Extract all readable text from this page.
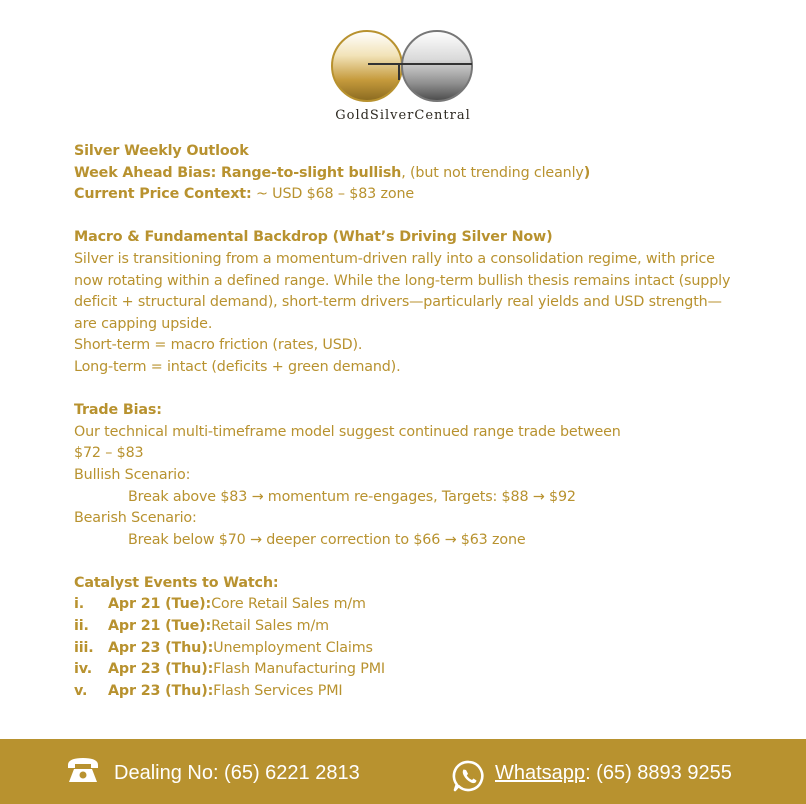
GoldSilverCentral
Silver Weekly Outlook
Week Ahead Bias: Range-to-slight bullish, (but not trending cleanly)
Current Price Context: ~ USD $68 – $83 zone
Macro & Fundamental Backdrop (What’s Driving Silver Now)
Silver is transitioning from a momentum-driven rally into a consolidation regime, with price now rotating within a defined range. While the long-term bullish thesis remains intact (supply deficit + structural demand), short-term drivers—particularly real yields and USD strength—are capping upside.
Short-term = macro friction (rates, USD).
Long-term = intact (deficits + green demand).
Trade Bias:
Our technical multi-timeframe model suggest continued range trade between
$72 – $83
Bullish Scenario:
Break above $83 → momentum re-engages, Targets: $88 → $92
Bearish Scenario:
Break below $70 → deeper correction to $66 → $63 zone
Catalyst Events to Watch:
i.	Apr 21 (Tue): Core Retail Sales m/m
ii.	Apr 21 (Tue): Retail Sales m/m
iii.	Apr 23 (Thu): Unemployment Claims
iv.	Apr 23 (Thu): Flash Manufacturing PMI
v.	Apr 23 (Thu): Flash Services PMI
Dealing No: (65) 6221 2813	Whatsapp: (65) 8893 9255
